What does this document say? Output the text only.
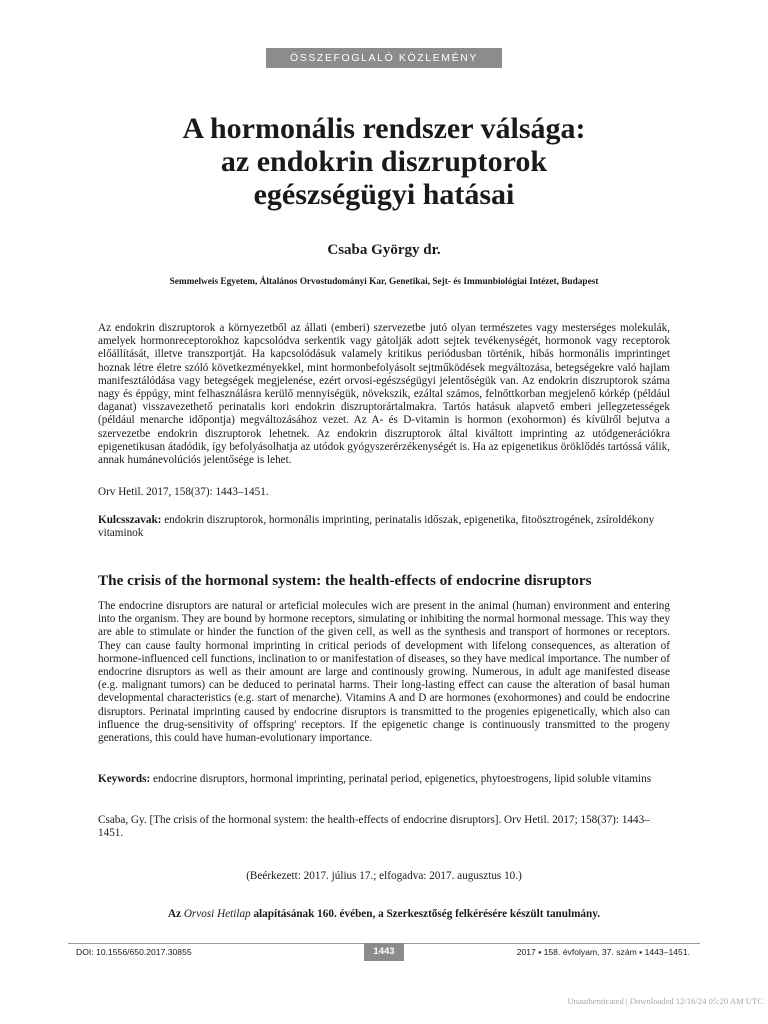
ÖSSZEFOGLALÓ KÖZLEMÉNY
A hormonális rendszer válsága:
az endokrin diszruptorok
egészségügyi hatásai
Csaba György dr.
Semmelweis Egyetem, Általános Orvostudományi Kar, Genetikai, Sejt- és Immunbiológiai Intézet, Budapest

Az endokrin diszruptorok a környezetből az állati (emberi) szervezetbe jutó olyan természetes vagy mesterséges molekulák, amelyek hormonreceptorokhoz kapcsolódva serkentik vagy gátolják adott sejtek tevékenységét, hormonok vagy receptorok előállítását, illetve transzportját. Ha kapcsolódásuk valamely kritikus periódusban történik, hibás hormonális imprintinget hoznak létre életre szóló következményekkel, mint hormonbefolyásolt sejtműködések megváltozása, betegségekre való hajlam manifesztálódása vagy betegségek megjelenése, ezért orvosi-egészségügyi jelentőségük van. Az endokrin diszruptorok száma nagy és éppúgy, mint felhasználásra kerülő mennyiségük, növekszik, ezáltal számos, felnőttkorban megjelenő kórkép (például daganat) visszavezethető perinatalis kori endokrin diszruptorártalmakra. Tartós hatásuk alapvető emberi jellegzetességek (például menarche időpontja) megváltozásához vezet. Az A- és D-vitamin is hormon (exohormon) és kívülről bejutva a szervezetbe endokrin diszruptorok lehetnek. Az endokrin diszruptorok által kiváltott imprinting az utódgenerációkra epigenetikusan átadódik, így befolyásolhatja az utódok gyógyszerérzékenységét is. Ha az epigenetikus öröklődés tartóssá válik, annak humánevolúciós jelentősége is lehet.

Orv Hetil. 2017, 158(37): 1443–1451.
Kulcsszavak: endokrin diszruptorok, hormonális imprinting, perinatalis időszak, epigenetika, fitoösztrogének, zsíroldékony vitaminok
The crisis of the hormonal system: the health-effects of endocrine disruptors

The endocrine disruptors are natural or arteficial molecules wich are present in the animal (human) environment and entering into the organism. They are bound by hormone receptors, simulating or inhibiting the normal hormonal message. This way they are able to stimulate or hinder the function of the given cell, as well as the synthesis and transport of hormones or receptors. They can cause faulty hormonal imprinting in critical periods of development with lifelong consequences, as alteration of hormone-influenced cell functions, inclination to or manifestation of diseases, so they have medical importance. The number of endocrine disruptors as well as their amount are large and continously growing. Numerous, in adult age manifested disease (e.g. malignant tumors) can be deduced to perinatal harms. Their long-lasting effect can cause the alteration of basal human developmental characteristics (e.g. start of menarche). Vitamins A and D are hormones (exohormones) and could be endocrine disruptors. Perinatal imprinting caused by endocrine disruptors is transmitted to the progenies epigenetically, which also can influence the drug-sensitivity of offspring' receptors. If the epigenetic change is continuously transmitted to the progeny generations, this could have human-evolutionary importance.

Keywords: endocrine disruptors, hormonal imprinting, perinatal period, epigenetics, phytoestrogens, lipid soluble vitamins
Csaba, Gy. [The crisis of the hormonal system: the health-effects of endocrine disruptors]. Orv Hetil. 2017; 158(37): 1443–1451.
(Beérkezett: 2017. július 17.; elfogadva: 2017. augusztus 10.)
Az Orvosi Hetilap alapításának 160. évében, a Szerkesztőség felkérésére készült tanulmány.
DOI: 10.1556/650.2017.30855	1443	2017 ▪ 158. évfolyam, 37. szám ▪ 1443–1451.
Unauthenticated | Downloaded 12/16/24 05:20 AM UTC
